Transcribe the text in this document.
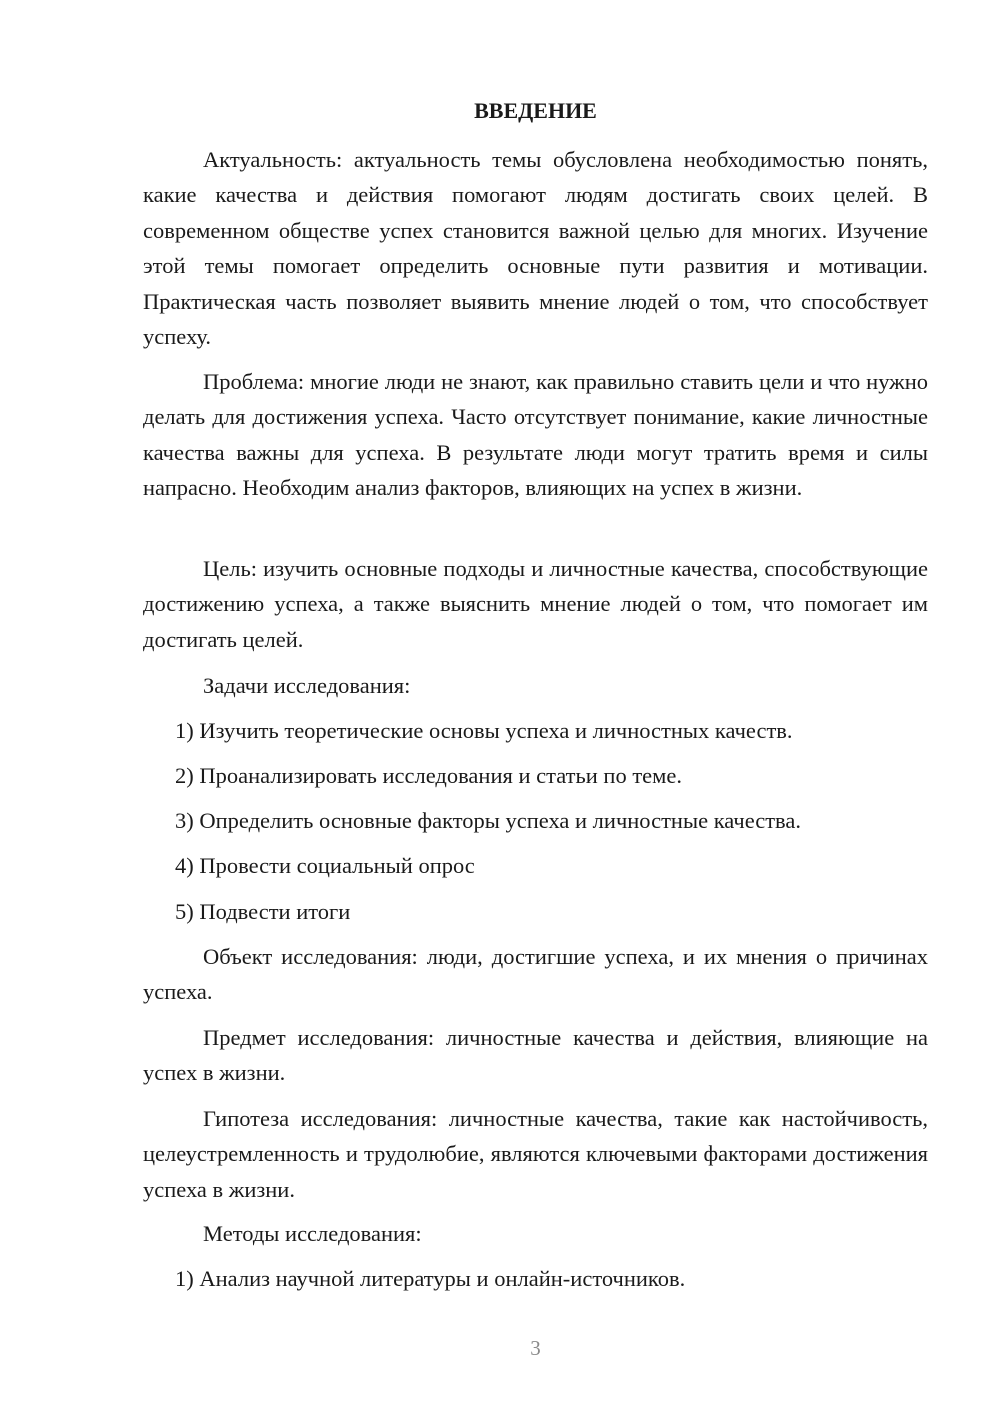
ВВЕДЕНИЕ

Актуальность: актуальность темы обусловлена необходимостью понять, какие качества и действия помогают людям достигать своих целей. В современном обществе успех становится важной целью для многих. Изучение этой темы помогает определить основные пути развития и мотивации. Практическая часть позволяет выявить мнение людей о том, что способствует успеху.

Проблема: многие люди не знают, как правильно ставить цели и что нужно делать для достижения успеха. Часто отсутствует понимание, какие личностные качества важны для успеха. В результате люди могут тратить время и силы напрасно. Необходим анализ факторов, влияющих на успех в жизни.

Цель: изучить основные подходы и личностные качества, способствующие достижению успеха, а также выяснить мнение людей о том, что помогает им достигать целей.

Задачи исследования:

1) Изучить теоретические основы успеха и личностных качеств.

2) Проанализировать исследования и статьи по теме.

3) Определить основные факторы успеха и личностные качества.

4) Провести социальный опрос

5) Подвести итоги

Объект исследования: люди, достигшие успеха, и их мнения о причинах успеха.

Предмет исследования: личностные качества и действия, влияющие на успех в жизни.

Гипотеза исследования: личностные качества, такие как настойчивость, целеустремленность и трудолюбие, являются ключевыми факторами достижения успеха в жизни.

Методы исследования:

1) Анализ научной литературы и онлайн-источников.

3
